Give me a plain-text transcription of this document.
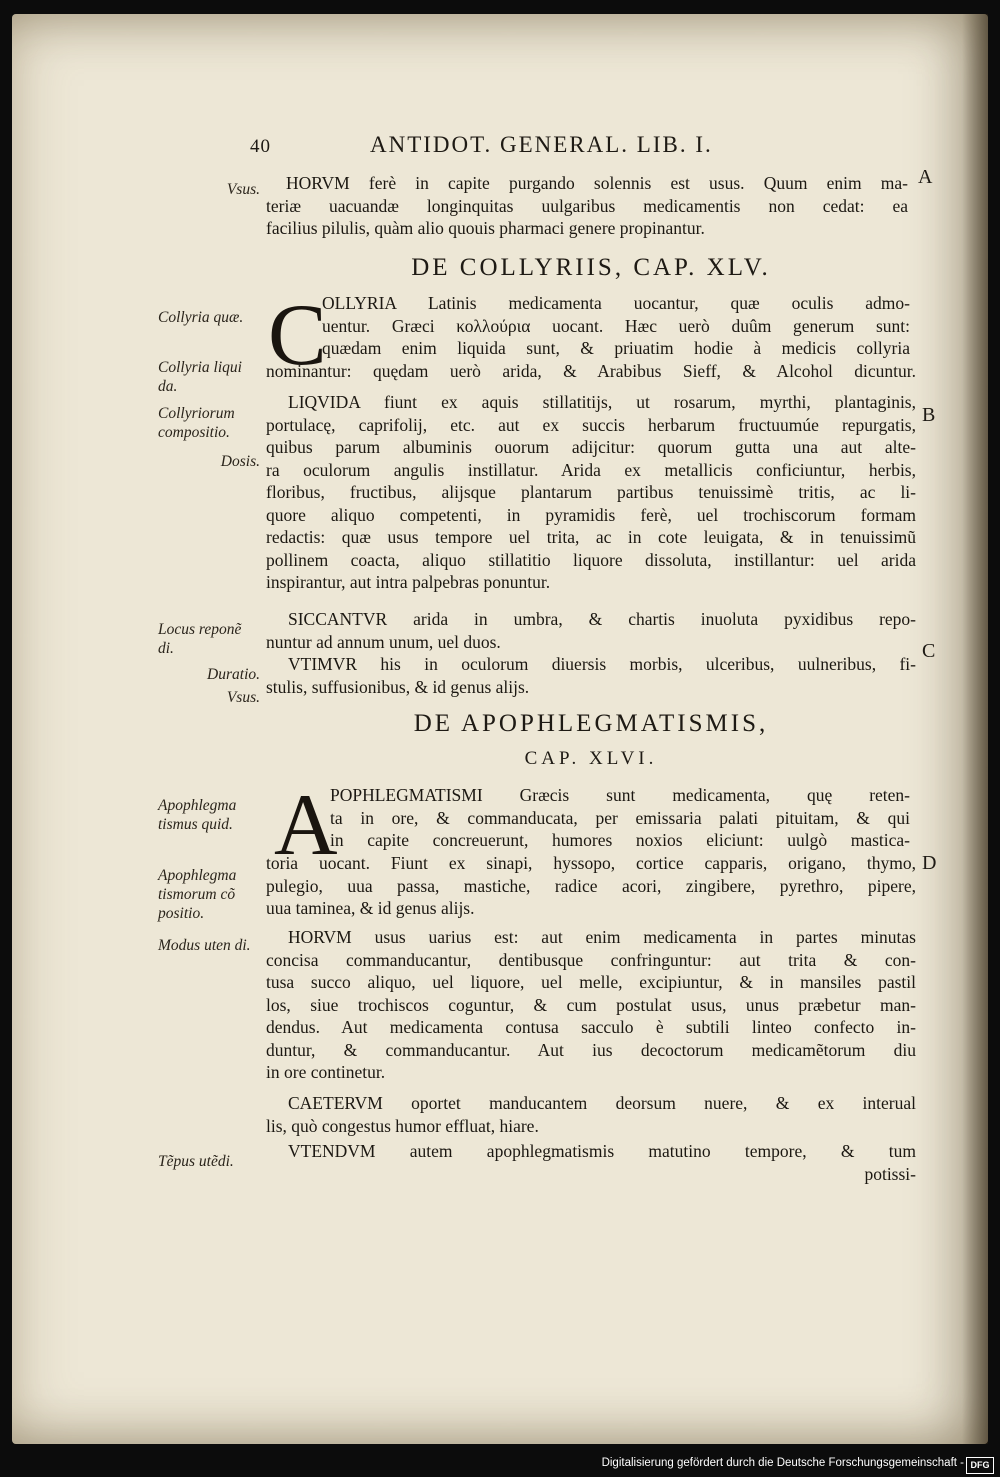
40	ANTIDOT. GENERAL. LIB. I.
A
B
C
D
HORVM ferè in capite purgando solennis est usus. Quum enim ma-
teriæ uacuandæ longinquitas uulgaribus medicamentis non cedat: ea
facilius pilulis, quàm alio quouis pharmaci genere propinantur.
DE COLLYRIIS, CAP. XLV.
C
OLLYRIA Latinis medicamenta uocantur, quæ oculis admo-
uentur. Græci κολλούρια uocant. Hæc uerò duûm generum sunt:
quædam enim liquida sunt, & priuatim hodie à medicis collyria
nominantur: quędam uerò arida, & Arabibus Sieff, & Alcohol dicuntur.
LIQVIDA fiunt ex aquis stillatitijs, ut rosarum, myrthi, plantaginis,
portulacę, caprifolij, etc. aut ex succis herbarum fructuumúe repurgatis,
quibus parum albuminis ouorum adijcitur: quorum gutta una aut alte-
ra oculorum angulis instillatur. Arida ex metallicis conficiuntur, herbis,
floribus, fructibus, alijsque plantarum partibus tenuissimè tritis, ac li-
quore aliquo competenti, in pyramidis ferè, uel trochiscorum formam
redactis: quæ usus tempore uel trita, ac in cote leuigata, & in tenuissimũ
pollinem coacta, aliquo stillatitio liquore dissoluta, instillantur: uel arida
inspirantur, aut intra palpebras ponuntur.
SICCANTVR arida in umbra, & chartis inuoluta pyxidibus repo-
nuntur ad annum unum, uel duos.
VTIMVR his in oculorum diuersis morbis, ulceribus, uulneribus, fi-
stulis, suffusionibus, & id genus alijs.
DE APOPHLEGMATISMIS,
CAP. XLVI.
A
POPHLEGMATISMI Græcis sunt medicamenta, quę reten-
ta in ore, & commanducata, per emissaria palati pituitam, & qui
in capite concreuerunt, humores noxios eliciunt: uulgò mastica-
toria uocant. Fiunt ex sinapi, hyssopo, cortice capparis, origano, thymo,
pulegio, uua passa, mastiche, radice acori, zingibere, pyrethro, pipere,
uua taminea, & id genus alijs.
HORVM usus uarius est: aut enim medicamenta in partes minutas
concisa commanducantur, dentibusque confringuntur: aut trita & con-
tusa succo aliquo, uel liquore, uel melle, excipiuntur, & in mansiles pastil
los, siue trochiscos coguntur, & cum postulat usus, unus præbetur man-
dendus. Aut medicamenta contusa sacculo è subtili linteo confecto in-
duntur, & commanducantur. Aut ius decoctorum medicamẽtorum diu
in ore continetur.
CAETERVM oportet manducantem deorsum nuere, & ex interual
lis, quò congestus humor effluat, hiare.
VTENDVM autem apophlegmatismis matutino tempore, & tum
potissi-
Vsus.
Collyria quæ.
Collyria liqui da.
Collyriorum compositio.
Dosis.
Locus reponẽ di.
Duratio.
Vsus.
Apophlegma tismus quid.
Apophlegma tismorum cõ positio.
Modus uten di.
Tẽpus utẽdi.
Digitalisierung gefördert durch die Deutsche Forschungsgemeinschaft - DFG
